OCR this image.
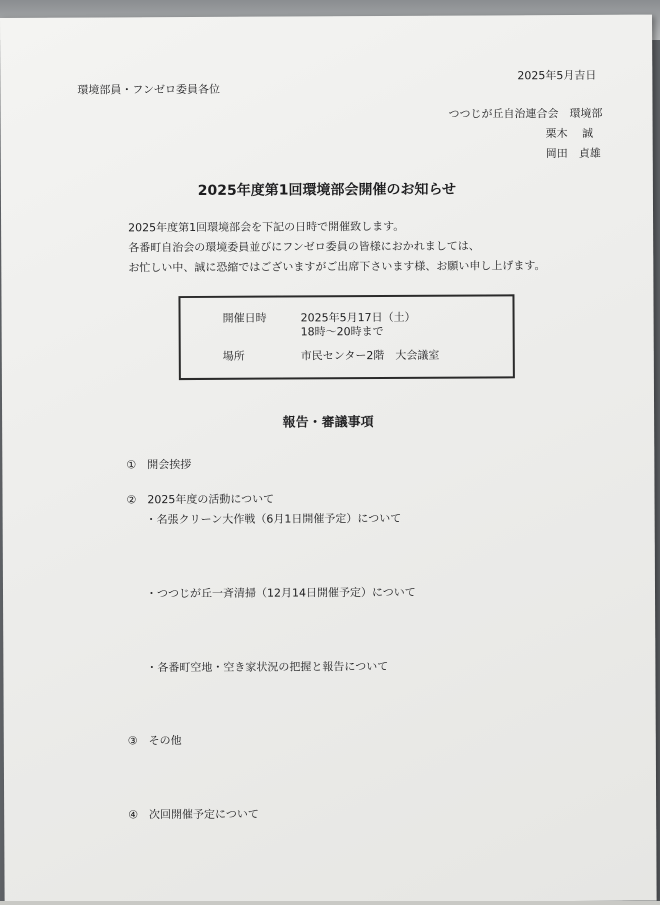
2025年5月吉日
環境部員・フンゼロ委員各位
つつじが丘自治連合会　環境部
栗木　 誠
岡田　貞雄
2025年度第1回環境部会開催のお知らせ
2025年度第1回環境部会を下記の日時で開催致します。
各番町自治会の環境委員並びにフンゼロ委員の皆様におかれましては、
お忙しい中、誠に恐縮ではございますがご出席下さいます様、お願い申し上げます。
開催日時	2025年5月17日（土）
18時～20時まで
場所	市民センター2階　大会議室
報告・審議事項
①　開会挨拶
②　2025年度の活動について
・名張クリーン大作戦（6月1日開催予定）について
・つつじが丘一斉清掃（12月14日開催予定）について
・各番町空地・空き家状況の把握と報告について
③　その他
④　次回開催予定について
